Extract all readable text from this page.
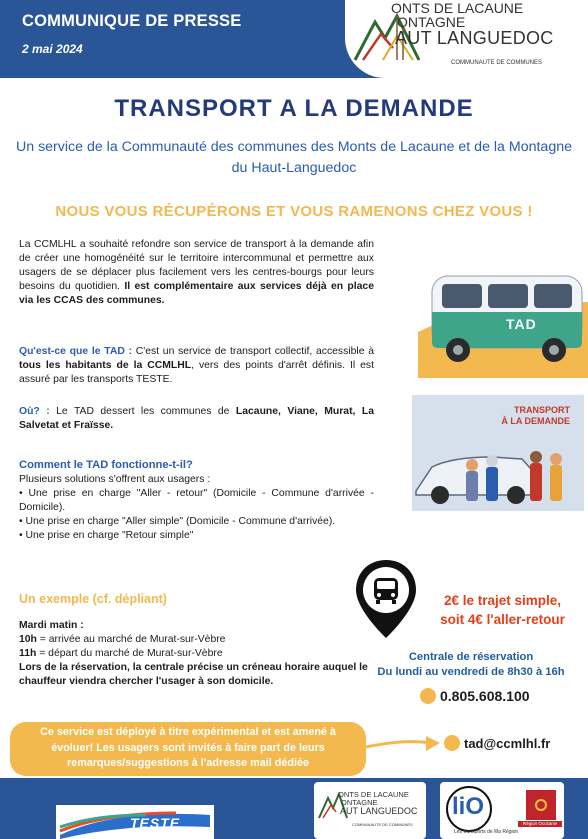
COMMUNIQUE DE PRESSE
2 mai 2024
ONTS DE LACAUNE
ONTAGNE
AUT LANGUEDOC
COMMUNAUTE DE COMMUNES
TRANSPORT A LA DEMANDE
Un service de la Communauté des communes des Monts de Lacaune et de la Montagne du Haut-Languedoc
NOUS VOUS RÉCUPÉRONS ET VOUS RAMENONS CHEZ VOUS !
La CCMLHL a souhaité refondre son service de transport à la demande afin de créer une homogénéité sur le territoire intercommunal et permettre aux usagers de se déplacer plus facilement vers les centres-bourgs pour leurs besoins du quotidien. Il est complémentaire aux services déjà en place via les CCAS des communes.
Qu'est-ce que le TAD : C'est un service de transport collectif, accessible à tous les habitants de la CCMLHL, vers des points d'arrêt définis. Il est assuré par les transports TESTE.
Où? : Le TAD dessert les communes de Lacaune, Viane, Murat, La Salvetat et Fraïsse.
Comment le TAD fonctionne-t-il?
Plusieurs solutions s'offrent aux usagers :
• Une prise en charge "Aller - retour" (Domicile - Commune d'arrivée - Domicile).
• Une prise en charge "Aller simple" (Domicile - Commune d'arrivée).
• Une prise en charge "Retour simple"
Un exemple (cf. dépliant)
Mardi matin :
10h = arrivée au marché de Murat-sur-Vèbre
11h = départ du marché de Murat-sur-Vèbre
Lors de la réservation, la centrale précise un créneau horaire auquel le chauffeur viendra chercher l'usager à son domicile.
TAD
TRANSPORT
À LA DEMANDE
2€ le trajet simple,
soit 4€ l'aller-retour
Centrale de réservation
Du lundi au vendredi de 8h30 à 16h
0.805.608.100
tad@ccmlhl.fr
Ce service est déployé à titre expérimental et est amené à évoluer! Les usagers sont invités à faire part de leurs remarques/suggestions à l'adresse mail dédiée
TESTE
ONTS DE LACAUNE
ONTAGNE
AUT LANGUEDOC
COMMUNAUTE DE COMMUNES
liO
Région Occitanie
Les transports de Ma Région
